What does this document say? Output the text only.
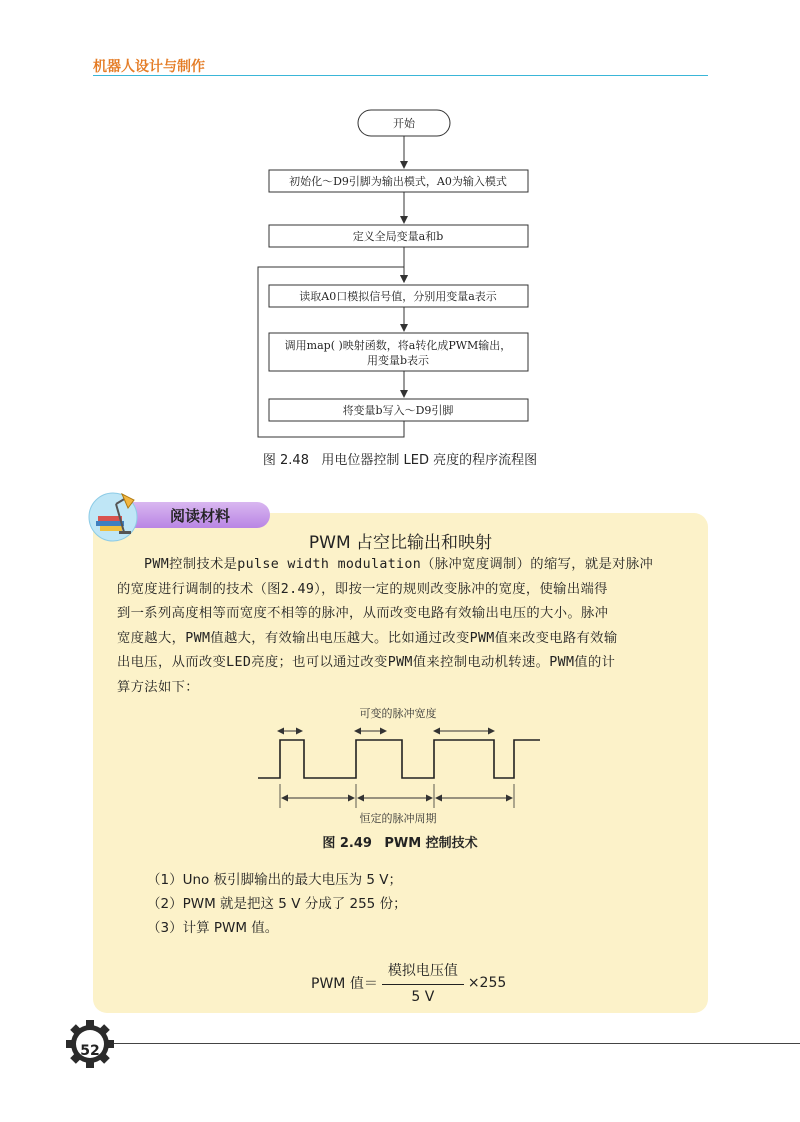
机器人设计与制作
开始
初始化～D9引脚为输出模式，A0为输入模式
定义全局变量a和b
读取A0口模拟信号值，分别用变量a表示
调用map( )映射函数，将a转化成PWM输出，
用变量b表示
将变量b写入～D9引脚
图 2.48 用电位器控制 LED 亮度的程序流程图
阅读材料
PWM 占空比输出和映射
PWM控制技术是pulse width modulation（脉冲宽度调制）的缩写，就是对脉冲
的宽度进行调制的技术（图2.49），即按一定的规则改变脉冲的宽度，使输出端得
到一系列高度相等而宽度不相等的脉冲，从而改变电路有效输出电压的大小。脉冲
宽度越大，PWM值越大，有效输出电压越大。比如通过改变PWM值来改变电路有效输
出电压，从而改变LED亮度；也可以通过改变PWM值来控制电动机转速。PWM值的计
算方法如下：
可变的脉冲宽度
恒定的脉冲周期
图 2.49 PWM 控制技术
（1）Uno 板引脚输出的最大电压为 5 V；
（2）PWM 就是把这 5 V 分成了 255 份；
（3）计算 PWM 值。
PWM 值＝	模拟电压值	×255
5 V
52
